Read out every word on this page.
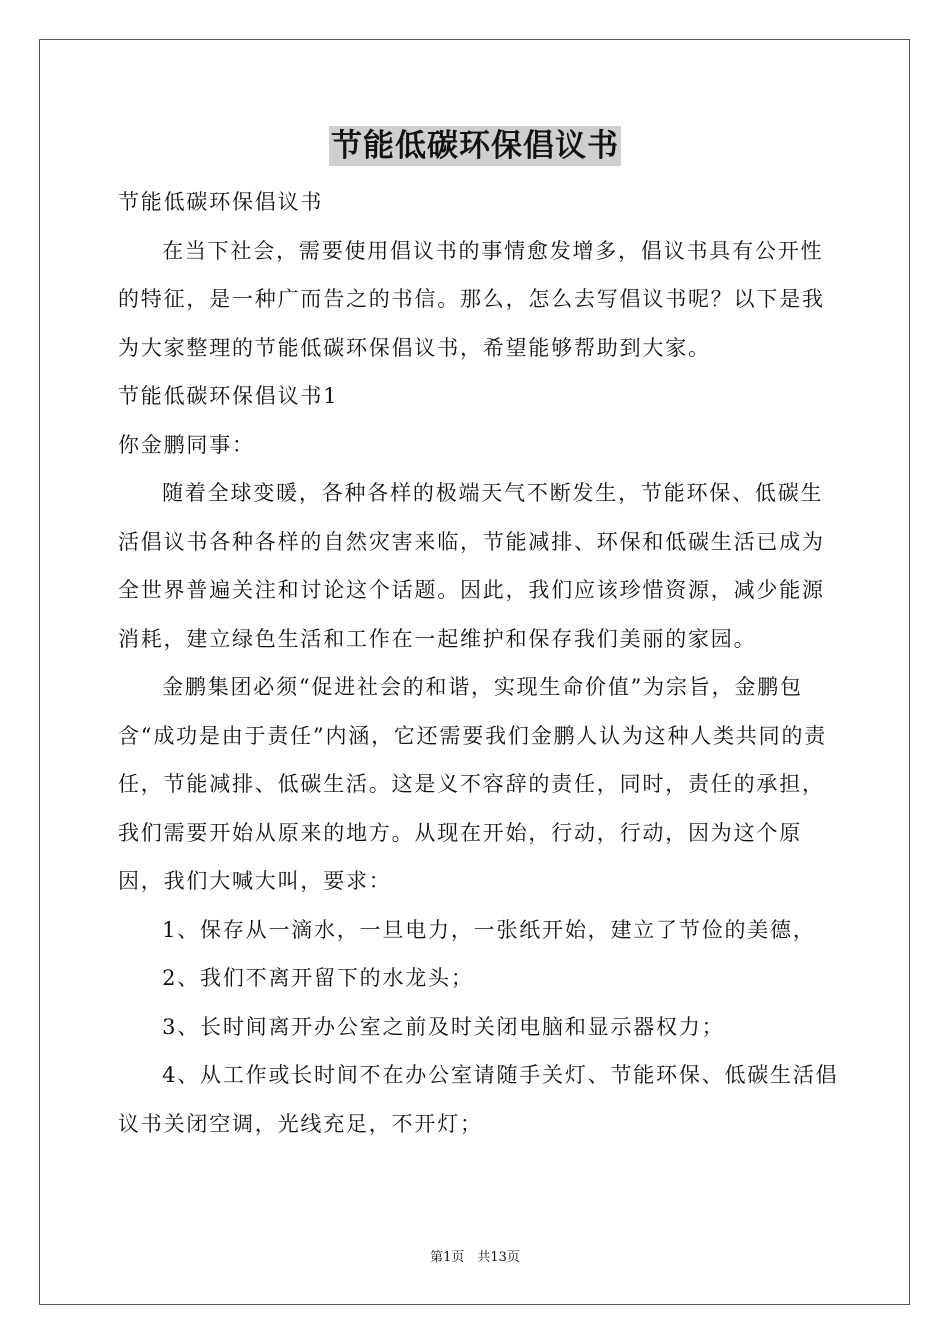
节能低碳环保倡议书

节能低碳环保倡议书

在当下社会，需要使用倡议书的事情愈发增多，倡议书具有公开性的特征，是一种广而告之的书信。那么，怎么去写倡议书呢？以下是我为大家整理的节能低碳环保倡议书，希望能够帮助到大家。

节能低碳环保倡议书1

你金鹏同事：

随着全球变暖，各种各样的极端天气不断发生，节能环保、低碳生活倡议书各种各样的自然灾害来临，节能减排、环保和低碳生活已成为全世界普遍关注和讨论这个话题。因此，我们应该珍惜资源，减少能源消耗，建立绿色生活和工作在一起维护和保存我们美丽的家园。

金鹏集团必须“促进社会的和谐，实现生命价值”为宗旨，金鹏包含“成功是由于责任”内涵，它还需要我们金鹏人认为这种人类共同的责任，节能减排、低碳生活。这是义不容辞的责任，同时，责任的承担，我们需要开始从原来的地方。从现在开始，行动，行动，因为这个原因，我们大喊大叫，要求：

1、保存从一滴水，一旦电力，一张纸开始，建立了节俭的美德，

2、我们不离开留下的水龙头；

3、长时间离开办公室之前及时关闭电脑和显示器权力；

4、从工作或长时间不在办公室请随手关灯、节能环保、低碳生活倡议书关闭空调，光线充足，不开灯；

第1页　共13页
